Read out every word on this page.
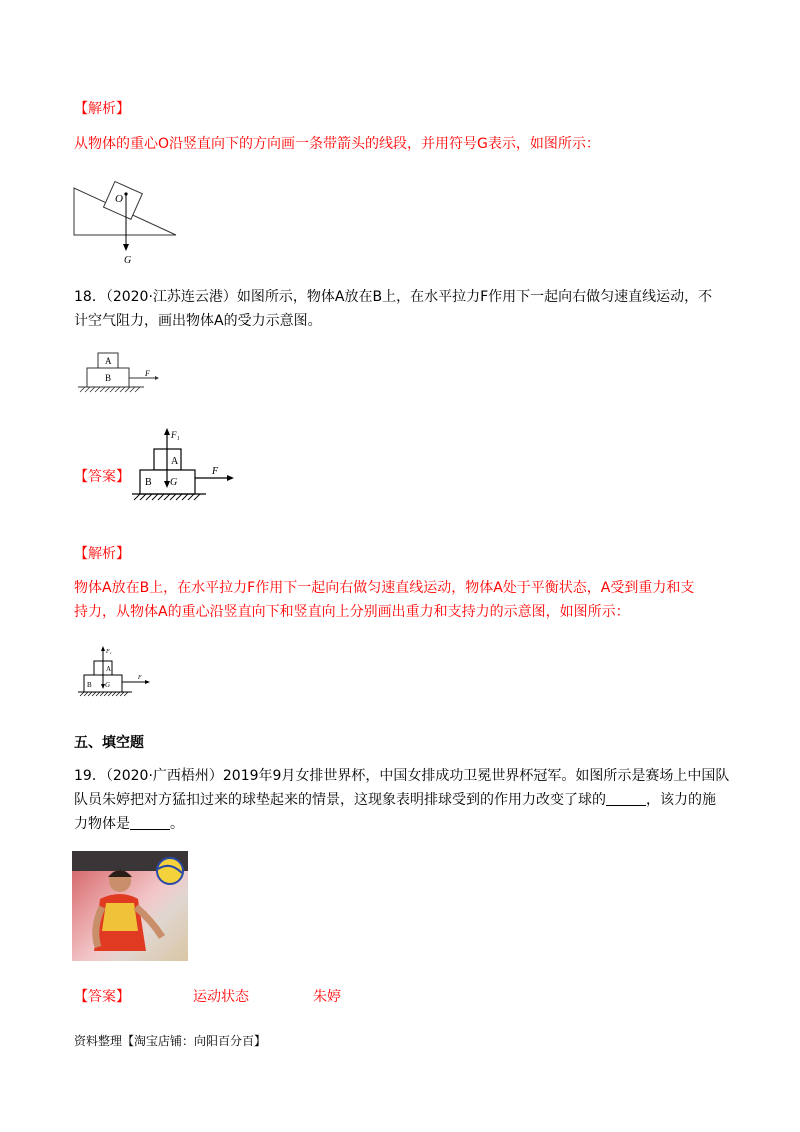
【解析】
从物体的重心O沿竖直向下的方向画一条带箭头的线段，并用符号G表示，如图所示：
O
G
18．（2020·江苏连云港）如图所示，物体A放在B上，在水平拉力F作用下一起向右做匀速直线运动，不
计空气阻力，画出物体A的受力示意图。
A
B	F
【答案】
F₁
A
B G
F
【解析】
物体A放在B上，在水平拉力F作用下一起向右做匀速直线运动，物体A处于平衡状态，A受到重力和支
持力，从物体A的重心沿竖直向下和竖直向上分别画出重力和支持力的示意图，如图所示：
F₁
A
B G
F
五、填空题
19．（2020·广西梧州）2019年9月女排世界杯，中国女排成功卫冕世界杯冠军。如图所示是赛场上中国队
队员朱婷把对方猛扣过来的球垫起来的情景，这现象表明排球受到的作用力改变了球的	，该力的施
力物体是	。
【答案】	运动状态	朱婷
资料整理【淘宝店铺：向阳百分百】
